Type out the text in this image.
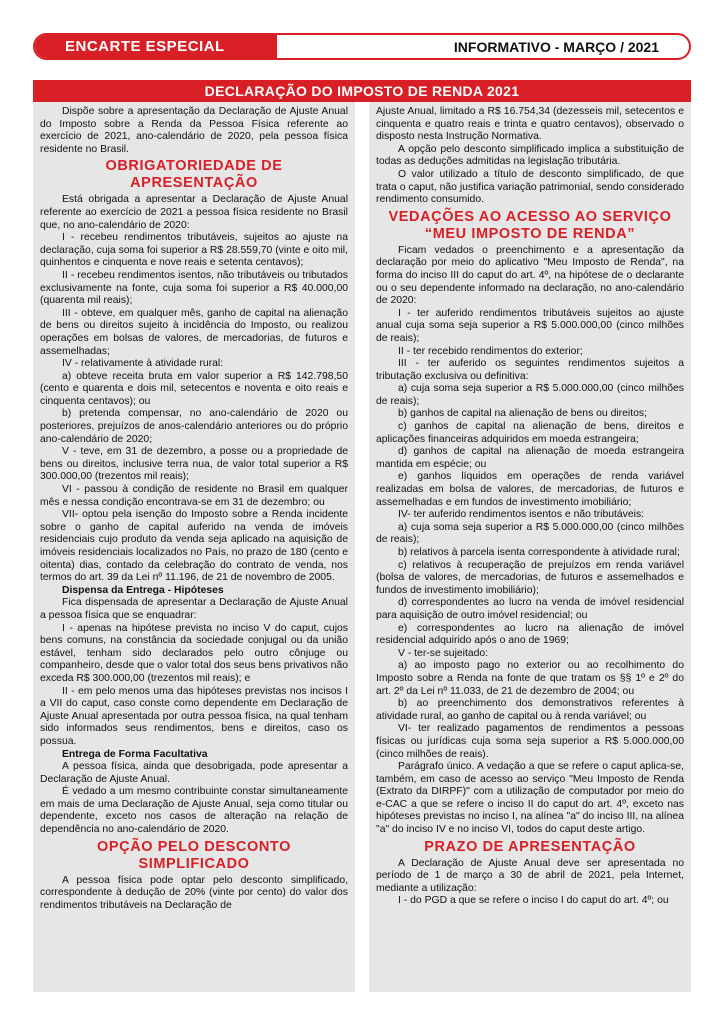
ENCARTE ESPECIAL	INFORMATIVO - MARÇO / 2021
DECLARAÇÃO DO IMPOSTO DE RENDA 2021

Dispõe sobre a apresentação da Declaração de Ajuste Anual do Imposto sobre a Renda da Pessoa Física referente ao exercício de 2021, ano-calendário de 2020, pela pessoa física residente no Brasil.

OBRIGATORIEDADE DE APRESENTAÇÃO

Está obrigada a apresentar a Declaração de Ajuste Anual referente ao exercício de 2021 a pessoa física residente no Brasil que, no ano-calendário de 2020:

I - recebeu rendimentos tributáveis, sujeitos ao ajuste na declaração, cuja soma foi superior a R$ 28.559,70 (vinte e oito mil, quinhentos e cinquenta e nove reais e setenta centavos);

II - recebeu rendimentos isentos, não tributáveis ou tributados exclusivamente na fonte, cuja soma foi superior a R$ 40.000,00 (quarenta mil reais);

III - obteve, em qualquer mês, ganho de capital na alienação de bens ou direitos sujeito à incidência do Imposto, ou realizou operações em bolsas de valores, de mercadorias, de futuros e assemelhadas;

IV - relativamente à atividade rural:

a) obteve receita bruta em valor superior a R$ 142.798,50 (cento e quarenta e dois mil, setecentos e noventa e oito reais e cinquenta centavos); ou

b) pretenda compensar, no ano-calendário de 2020 ou posteriores, prejuízos de anos-calendário anteriores ou do próprio ano-calendário de 2020;

V - teve, em 31 de dezembro, a posse ou a propriedade de bens ou direitos, inclusive terra nua, de valor total superior a R$ 300.000,00 (trezentos mil reais);

VI - passou à condição de residente no Brasil em qualquer mês e nessa condição encontrava-se em 31 de dezembro; ou

VII- optou pela isenção do Imposto sobre a Renda incidente sobre o ganho de capital auferido na venda de imóveis residenciais cujo produto da venda seja aplicado na aquisição de imóveis residenciais localizados no País, no prazo de 180 (cento e oitenta) dias, contado da celebração do contrato de venda, nos termos do art. 39 da Lei nº 11.196, de 21 de novembro de 2005.

Dispensa da Entrega - Hipóteses

Fica dispensada de apresentar a Declaração de Ajuste Anual a pessoa física que se enquadrar:

I - apenas na hipótese prevista no inciso V do caput, cujos bens comuns, na constância da sociedade conjugal ou da união estável, tenham sido declarados pelo outro cônjuge ou companheiro, desde que o valor total dos seus bens privativos não exceda R$ 300.000,00 (trezentos mil reais); e

II - em pelo menos uma das hipóteses previstas nos incisos I a VII do caput, caso conste como dependente em Declaração de Ajuste Anual apresentada por outra pessoa física, na qual tenham sido informados seus rendimentos, bens e direitos, caso os possua.

Entrega de Forma Facultativa

A pessoa física, ainda que desobrigada, pode apresentar a Declaração de Ajuste Anual.

É vedado a um mesmo contribuinte constar simultaneamente em mais de uma Declaração de Ajuste Anual, seja como titular ou dependente, exceto nos casos de alteração na relação de dependência no ano-calendário de 2020.

OPÇÃO PELO DESCONTO SIMPLIFICADO

A pessoa física pode optar pelo desconto simplificado, correspondente à dedução de 20% (vinte por cento) do valor dos rendimentos tributáveis na Declaração de

Ajuste Anual, limitado a R$ 16.754,34 (dezesseis mil, setecentos e cinquenta e quatro reais e trinta e quatro centavos), observado o disposto nesta Instrução Normativa.

A opção pelo desconto simplificado implica a substituição de todas as deduções admitidas na legislação tributária.

O valor utilizado a título de desconto simplificado, de que trata o caput, não justifica variação patrimonial, sendo considerado rendimento consumido.

VEDAÇÕES AO ACESSO AO SERVIÇO “MEU IMPOSTO DE RENDA”

Ficam vedados o preenchimento e a apresentação da declaração por meio do aplicativo "Meu Imposto de Renda", na forma do inciso III do caput do art. 4º, na hipótese de o declarante ou o seu dependente informado na declaração, no ano-calendário de 2020:

I - ter auferido rendimentos tributáveis sujeitos ao ajuste anual cuja soma seja superior a R$ 5.000.000,00 (cinco milhões de reais);

II - ter recebido rendimentos do exterior;

III - ter auferido os seguintes rendimentos sujeitos a tributação exclusiva ou definitiva:

a) cuja soma seja superior a R$ 5.000.000,00 (cinco milhões de reais);

b) ganhos de capital na alienação de bens ou direitos;

c) ganhos de capital na alienação de bens, direitos e aplicações financeiras adquiridos em moeda estrangeira;

d) ganhos de capital na alienação de moeda estrangeira mantida em espécie; ou

e) ganhos líquidos em operações de renda variável realizadas em bolsa de valores, de mercadorias, de futuros e assemelhadas e em fundos de investimento imobiliário;

IV- ter auferido rendimentos isentos e não tributáveis:

a) cuja soma seja superior a R$ 5.000.000,00 (cinco milhões de reais);

b) relativos à parcela isenta correspondente à atividade rural;

c) relativos à recuperação de prejuízos em renda variável (bolsa de valores, de mercadorias, de futuros e assemelhados e fundos de investimento imobiliário);

d) correspondentes ao lucro na venda de imóvel residencial para aquisição de outro imóvel residencial; ou

e) correspondentes ao lucro na alienação de imóvel residencial adquirido após o ano de 1969;

V - ter-se sujeitado:

a) ao imposto pago no exterior ou ao recolhimento do Imposto sobre a Renda na fonte de que tratam os §§ 1º e 2º do art. 2º da Lei nº 11.033, de 21 de dezembro de 2004; ou

b) ao preenchimento dos demonstrativos referentes à atividade rural, ao ganho de capital ou à renda variável; ou

VI- ter realizado pagamentos de rendimentos a pessoas físicas ou jurídicas cuja soma seja superior a R$ 5.000.000,00 (cinco milhões de reais).

Parágrafo único. A vedação a que se refere o caput aplica-se, também, em caso de acesso ao serviço "Meu Imposto de Renda (Extrato da DIRPF)" com a utilização de computador por meio do e-CAC a que se refere o inciso II do caput do art. 4º, exceto nas hipóteses previstas no inciso I, na alínea "a" do inciso III, na alínea "a" do inciso IV e no inciso VI, todos do caput deste artigo.

PRAZO DE APRESENTAÇÃO

A Declaração de Ajuste Anual deve ser apresentada no período de 1 de março a 30 de abril de 2021, pela Internet, mediante a utilização:

I - do PGD a que se refere o inciso I do caput do art. 4º; ou
